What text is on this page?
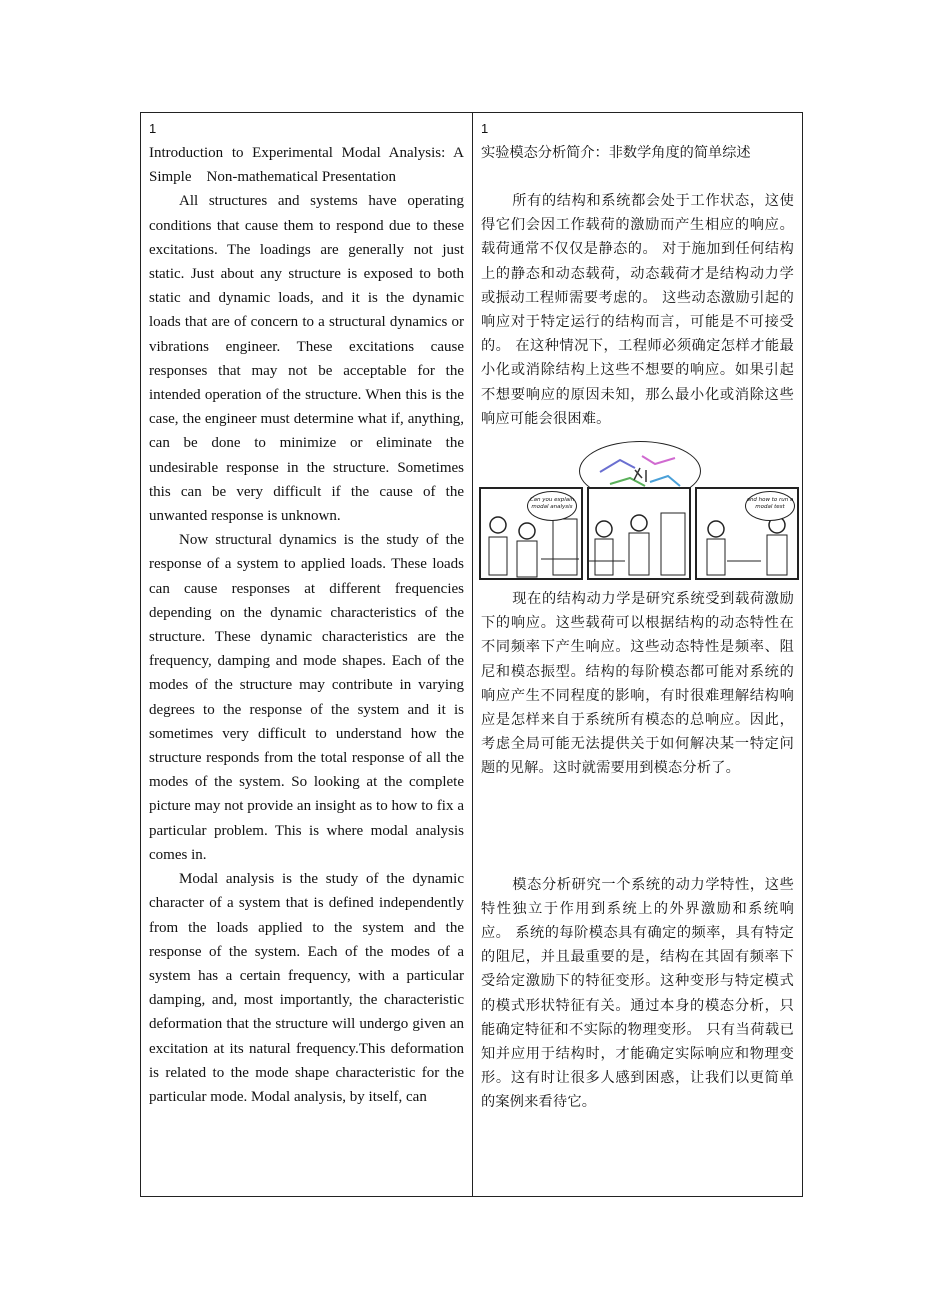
1

Introduction to Experimental Modal Analysis: A Simple　Non-mathematical Presentation

All structures and systems have operating conditions that cause them to respond due to these excitations. The loadings are generally not just static. Just about any structure is exposed to both static and dynamic loads, and it is the dynamic loads that are of concern to a structural dynamics or vibrations engineer. These excitations cause responses that may not be acceptable for the intended operation of the structure. When this is the case, the engineer must determine what if, anything, can be done to minimize or eliminate the undesirable response in the structure. Sometimes this can be very difficult if the cause of the unwanted response is unknown.

Now structural dynamics is the study of the response of a system to applied loads. These loads can cause responses at different frequencies depending on the dynamic characteristics of the structure. These dynamic characteristics are the frequency, damping and mode shapes. Each of the modes of the structure may contribute in varying degrees to the response of the system and it is sometimes very difficult to understand how the structure responds from the total response of all the modes of the system. So looking at the complete picture may not provide an insight as to how to fix a particular problem. This is where modal analysis comes in.

Modal analysis is the study of the dynamic character of a system that is defined independently from the loads applied to the system and the response of the system. Each of the modes of a system has a certain frequency, with a particular damping, and, most importantly, the characteristic deformation that the structure will undergo given an excitation at its natural frequency.This deformation is related to the mode shape characteristic for the particular mode. Modal analysis, by itself, can

1

实验模态分析简介：非数学角度的简单综述

所有的结构和系统都会处于工作状态，这使得它们会因工作载荷的激励而产生相应的响应。载荷通常不仅仅是静态的。 对于施加到任何结构上的静态和动态载荷，动态载荷才是结构动力学或振动工程师需要考虑的。 这些动态激励引起的响应对于特定运行的结构而言，可能是不可接受的。 在这种情况下，工程师必须确定怎样才能最小化或消除结构上这些不想要的响应。如果引起不想要响应的原因未知，那么最小化或消除这些响应可能会很困难。

Can you explain modal analysis
and how to run a modal test

现在的结构动力学是研究系统受到载荷激励下的响应。这些载荷可以根据结构的动态特性在不同频率下产生响应。这些动态特性是频率、阻尼和模态振型。结构的每阶模态都可能对系统的响应产生不同程度的影响，有时很难理解结构响应是怎样来自于系统所有模态的总响应。因此，考虑全局可能无法提供关于如何解决某一特定问题的见解。这时就需要用到模态分析了。

模态分析研究一个系统的动力学特性，这些特性独立于作用到系统上的外界激励和系统响应。 系统的每阶模态具有确定的频率，具有特定的阻尼，并且最重要的是，结构在其固有频率下受给定激励下的特征变形。这种变形与特定模式的模式形状特征有关。通过本身的模态分析，只能确定特征和不实际的物理变形。 只有当荷载已知并应用于结构时，才能确定实际响应和物理变形。这有时让很多人感到困惑，让我们以更简单的案例来看待它。
